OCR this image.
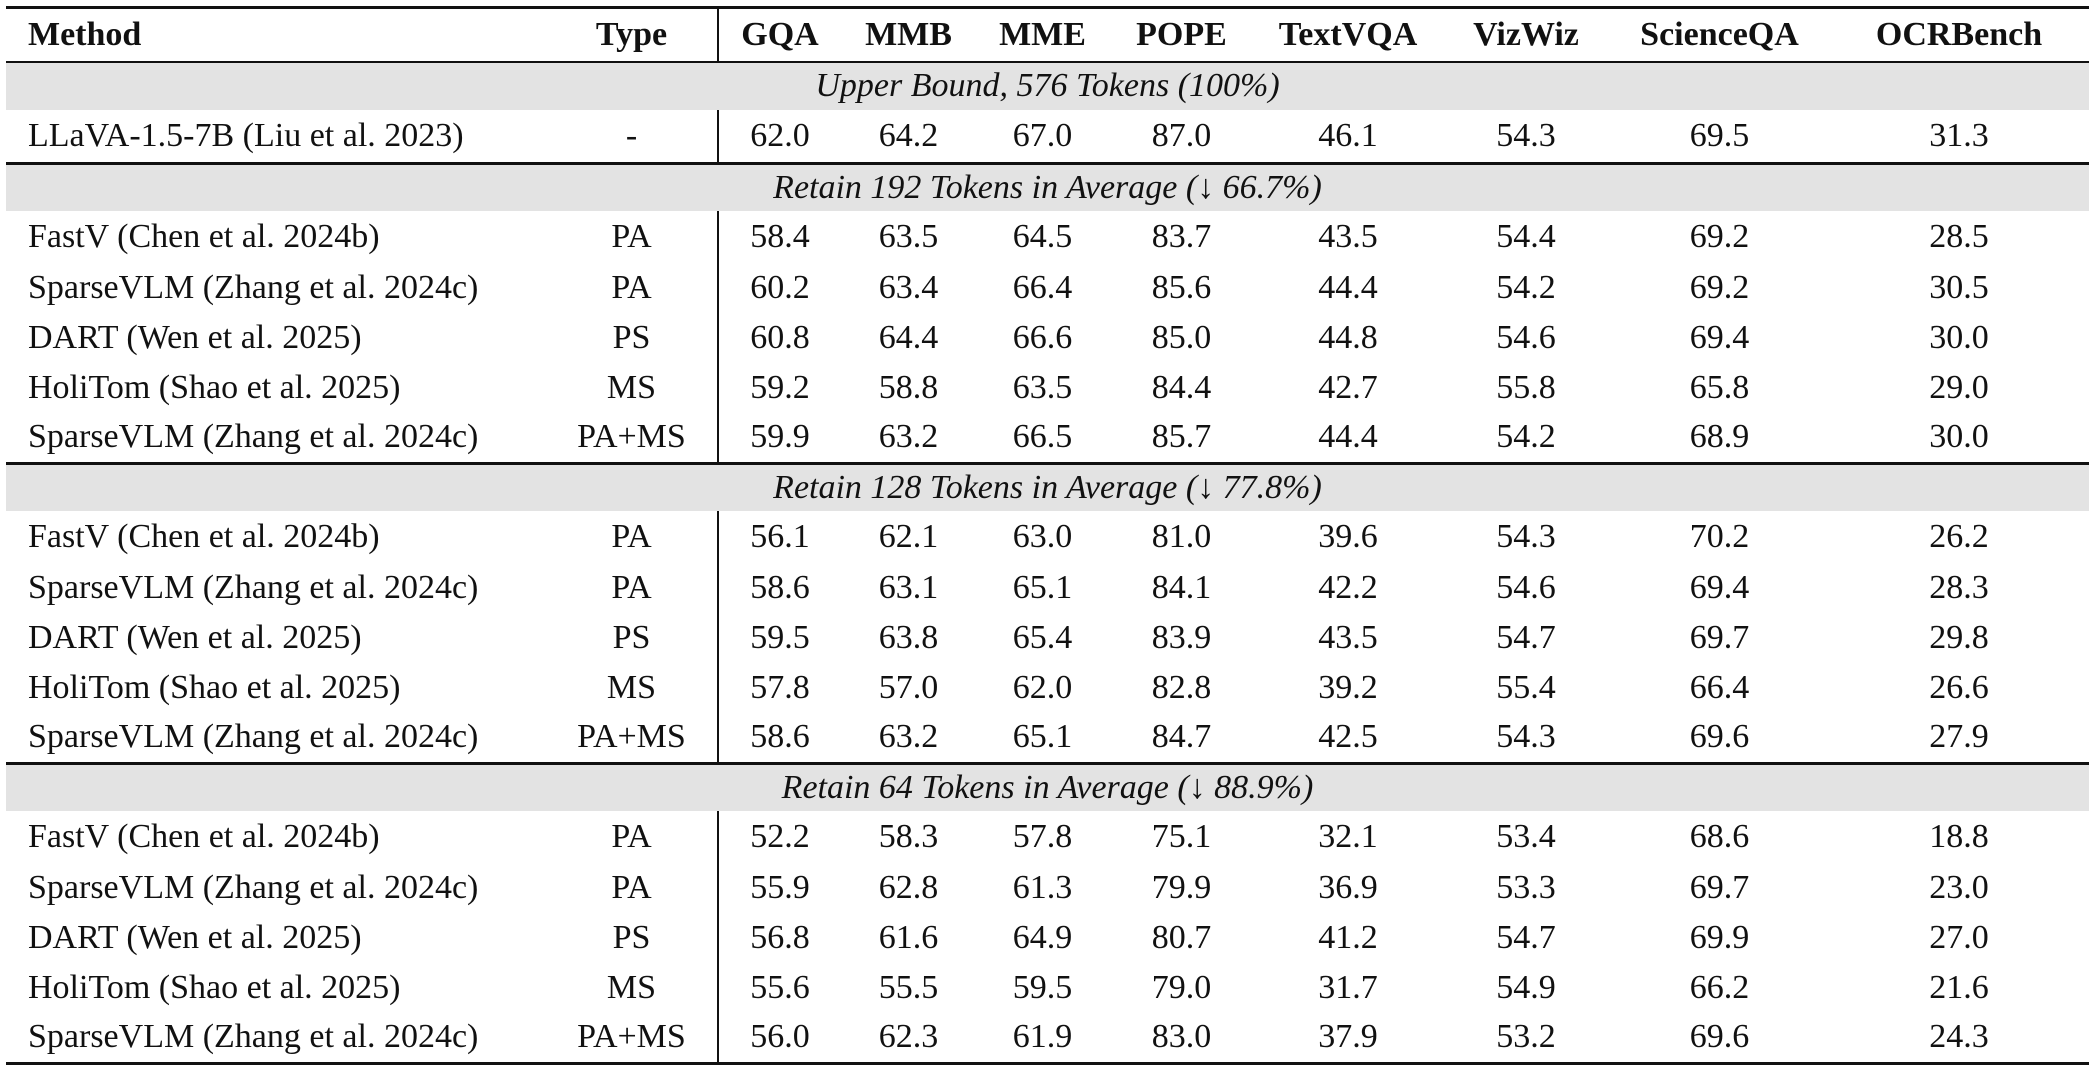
Method	Type	GQA	MMB	MME	POPE	TextVQA	VizWiz	ScienceQA	OCRBench
Upper Bound, 576 Tokens (100%)									
LLaVA-1.5-7B (Liu et al. 2023)	-	62.0	64.2	67.0	87.0	46.1	54.3	69.5	31.3
Retain 192 Tokens in Average (↓ 66.7%)									
FastV (Chen et al. 2024b)	PA	58.4	63.5	64.5	83.7	43.5	54.4	69.2	28.5
SparseVLM (Zhang et al. 2024c)	PA	60.2	63.4	66.4	85.6	44.4	54.2	69.2	30.5
DART (Wen et al. 2025)	PS	60.8	64.4	66.6	85.0	44.8	54.6	69.4	30.0
HoliTom (Shao et al. 2025)	MS	59.2	58.8	63.5	84.4	42.7	55.8	65.8	29.0
SparseVLM (Zhang et al. 2024c)	PA+MS	59.9	63.2	66.5	85.7	44.4	54.2	68.9	30.0
Retain 128 Tokens in Average (↓ 77.8%)									
FastV (Chen et al. 2024b)	PA	56.1	62.1	63.0	81.0	39.6	54.3	70.2	26.2
SparseVLM (Zhang et al. 2024c)	PA	58.6	63.1	65.1	84.1	42.2	54.6	69.4	28.3
DART (Wen et al. 2025)	PS	59.5	63.8	65.4	83.9	43.5	54.7	69.7	29.8
HoliTom (Shao et al. 2025)	MS	57.8	57.0	62.0	82.8	39.2	55.4	66.4	26.6
SparseVLM (Zhang et al. 2024c)	PA+MS	58.6	63.2	65.1	84.7	42.5	54.3	69.6	27.9
Retain 64 Tokens in Average (↓ 88.9%)									
FastV (Chen et al. 2024b)	PA	52.2	58.3	57.8	75.1	32.1	53.4	68.6	18.8
SparseVLM (Zhang et al. 2024c)	PA	55.9	62.8	61.3	79.9	36.9	53.3	69.7	23.0
DART (Wen et al. 2025)	PS	56.8	61.6	64.9	80.7	41.2	54.7	69.9	27.0
HoliTom (Shao et al. 2025)	MS	55.6	55.5	59.5	79.0	31.7	54.9	66.2	21.6
SparseVLM (Zhang et al. 2024c)	PA+MS	56.0	62.3	61.9	83.0	37.9	53.2	69.6	24.3
